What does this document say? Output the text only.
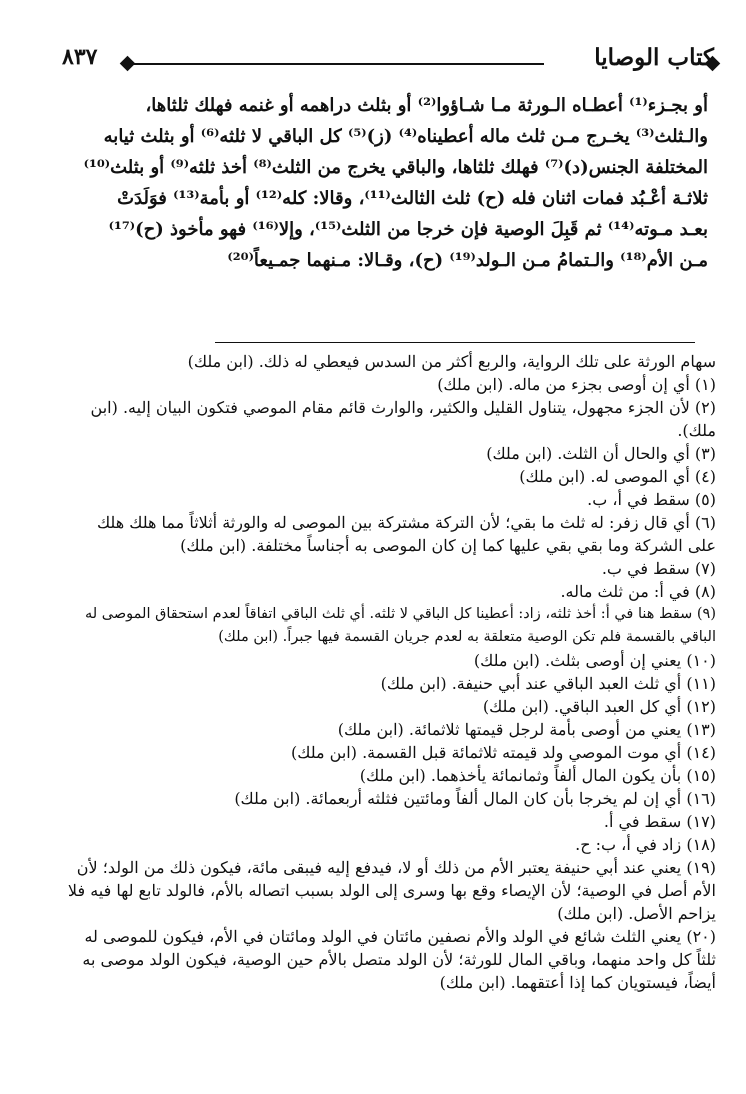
كتاب الوصايا
٨٣٧
أو بجـزء⁽¹⁾ أعطـاه الـورثة مـا شـاؤوا⁽²⁾ أو بثلث دراهمه أو غنمه فهلك ثلثاها،
والـثلث⁽³⁾ يخـرج مـن ثلث ماله أعطيناه⁽⁴⁾ (ز)⁽⁵⁾ كل الباقي لا ثلثه⁽⁶⁾ أو بثلث ثيابه
المختلفة الجنس(د)⁽⁷⁾ فهلك ثلثاها، والباقي يخرج من الثلث⁽⁸⁾ أخذ ثلثه⁽⁹⁾ أو بثلث⁽¹⁰⁾
ثلاثـة أعْـبُد فمات اثنان فله (ح) ثلث الثالث⁽¹¹⁾، وقالا: كله⁽¹²⁾ أو بأمة⁽¹³⁾ فوَلَدَتْ
بعـد مـوته⁽¹⁴⁾ ثم قَبِلَ الوصية فإن خرجا من الثلث⁽¹⁵⁾، وإلا⁽¹⁶⁾ فهو مأخوذ (ح)⁽¹⁷⁾
مـن الأم⁽¹⁸⁾ والـتمامُ مـن الـولد⁽¹⁹⁾ (ح)، وقـالا: مـنهما جمـيعاً⁽²⁰⁾
سهام الورثة على تلك الرواية، والربع أكثر من السدس فيعطي له ذلك. (ابن ملك)
(١) أي إن أوصى بجزء من ماله. (ابن ملك)
(٢) لأن الجزء مجهول، يتناول القليل والكثير، والوارث قائم مقام الموصي فتكون البيان إليه. (ابن ملك).
(٣) أي والحال أن الثلث. (ابن ملك)
(٤) أي الموصى له. (ابن ملك)
(٥) سقط في أ، ب.
(٦) أي قال زفر: له ثلث ما بقي؛ لأن التركة مشتركة بين الموصى له والورثة أثلاثاً مما هلك هلك على الشركة وما بقي بقي عليها كما إن كان الموصى به أجناساً مختلفة. (ابن ملك)
(٧) سقط في ب.
(٨) في أ: من ثلث ماله.
(٩) سقط هنا في أ: أخذ ثلثه، زاد: أعطينا كل الباقي لا ثلثه. أي ثلث الباقي اتفاقاً لعدم استحقاق الموصى له الباقي بالقسمة فلم تكن الوصية متعلقة به لعدم جريان القسمة فيها جبراً. (ابن ملك)
(١٠) يعني إن أوصى بثلث. (ابن ملك)
(١١) أي ثلث العبد الباقي عند أبي حنيفة. (ابن ملك)
(١٢) أي كل العبد الباقي. (ابن ملك)
(١٣) يعني من أوصى بأمة لرجل قيمتها ثلاثمائة. (ابن ملك)
(١٤) أي موت الموصي ولد قيمته ثلاثمائة قبل القسمة. (ابن ملك)
(١٥) بأن يكون المال ألفاً وثمانمائة يأخذهما. (ابن ملك)
(١٦) أي إن لم يخرجا بأن كان المال ألفاً ومائتين فثلثه أربعمائة. (ابن ملك)
(١٧) سقط في أ.
(١٨) زاد في أ، ب: ح.
(١٩) يعني عند أبي حنيفة يعتبر الأم من ذلك أو لا، فيدفع إليه فيبقى مائة، فيكون ذلك من الولد؛ لأن الأم أصل في الوصية؛ لأن الإيصاء وقع بها وسرى إلى الولد بسبب اتصاله بالأم، فالولد تابع لها فيه فلا يزاحم الأصل. (ابن ملك)
(٢٠) يعني الثلث شائع في الولد والأم نصفين مائتان في الولد ومائتان في الأم، فيكون للموصى له ثلثاً كل واحد منهما، وباقي المال للورثة؛ لأن الولد متصل بالأم حين الوصية، فيكون الولد موصى به أيضاً، فيستويان كما إذا أعتقهما. (ابن ملك)
